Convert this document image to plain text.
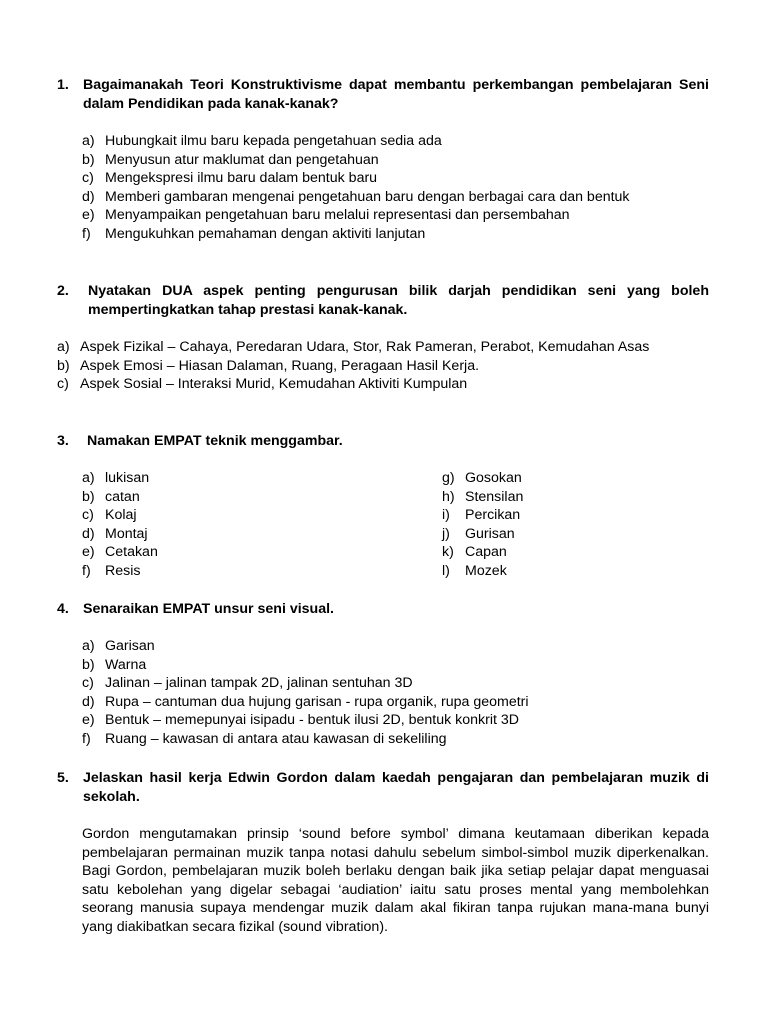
1. Bagaimanakah Teori Konstruktivisme dapat membantu perkembangan pembelajaran Seni dalam Pendidikan pada kanak-kanak?
a) Hubungkait ilmu baru kepada pengetahuan sedia ada
b) Menyusun atur maklumat dan pengetahuan
c) Mengekspresi ilmu baru dalam bentuk baru
d) Memberi gambaran mengenai pengetahuan baru dengan berbagai cara dan bentuk
e) Menyampaikan pengetahuan baru melalui representasi dan persembahan
f) Mengukuhkan pemahaman dengan aktiviti lanjutan
2. Nyatakan DUA aspek penting pengurusan bilik darjah pendidikan seni yang boleh mempertingkatkan tahap prestasi kanak-kanak.
a) Aspek Fizikal – Cahaya, Peredaran Udara, Stor, Rak Pameran, Perabot, Kemudahan Asas
b) Aspek Emosi – Hiasan Dalaman, Ruang, Peragaan Hasil Kerja.
c) Aspek Sosial – Interaksi Murid, Kemudahan Aktiviti Kumpulan
3. Namakan EMPAT teknik menggambar.
a) lukisan
b) catan
c) Kolaj
d) Montaj
e) Cetakan
f) Resis
g) Gosokan
h) Stensilan
i) Percikan
j) Gurisan
k) Capan
l) Mozek
4. Senaraikan EMPAT unsur seni visual.
a) Garisan
b) Warna
c) Jalinan – jalinan tampak 2D, jalinan sentuhan 3D
d) Rupa – cantuman dua hujung garisan - rupa organik, rupa geometri
e) Bentuk – memepunyai isipadu - bentuk ilusi 2D, bentuk konkrit 3D
f) Ruang – kawasan di antara atau kawasan di sekeliling
5. Jelaskan hasil kerja Edwin Gordon dalam kaedah pengajaran dan pembelajaran muzik di sekolah.

Gordon mengutamakan prinsip ‘sound before symbol’ dimana keutamaan diberikan kepada pembelajaran permainan muzik tanpa notasi dahulu sebelum simbol-simbol muzik diperkenalkan. Bagi Gordon, pembelajaran muzik boleh berlaku dengan baik jika setiap pelajar dapat menguasai satu kebolehan yang digelar sebagai ‘audiation’ iaitu satu proses mental yang membolehkan seorang manusia supaya mendengar muzik dalam akal fikiran tanpa rujukan mana-mana bunyi yang diakibatkan secara fizikal (sound vibration).
